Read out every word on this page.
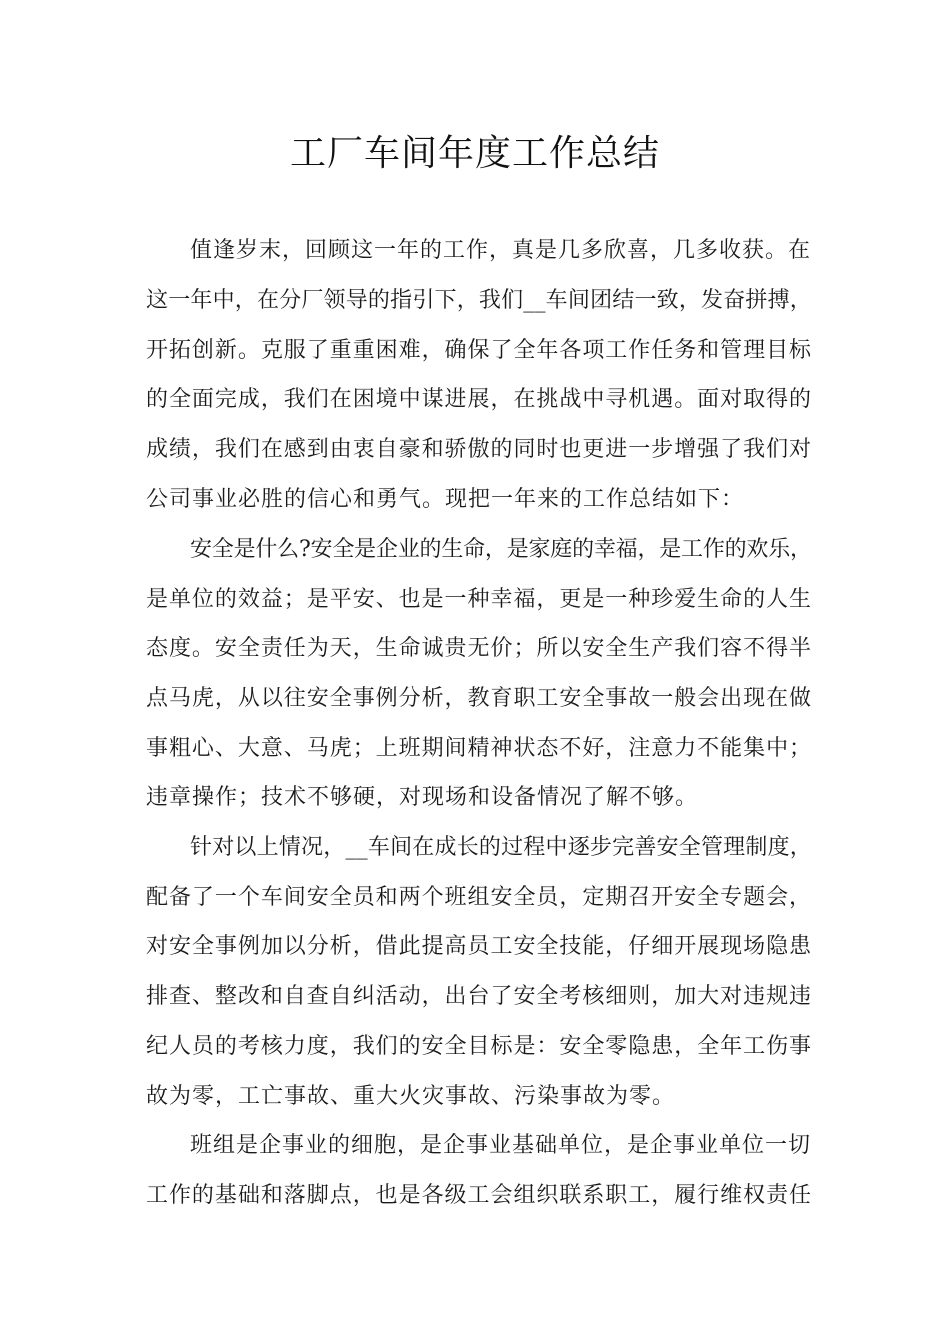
工厂车间年度工作总结
值逢岁末，回顾这一年的工作，真是几多欣喜，几多收获。在
这一年中，在分厂领导的指引下，我们__车间团结一致，发奋拼搏，
开拓创新。克服了重重困难，确保了全年各项工作任务和管理目标
的全面完成，我们在困境中谋进展，在挑战中寻机遇。面对取得的
成绩，我们在感到由衷自豪和骄傲的同时也更进一步增强了我们对
公司事业必胜的信心和勇气。现把一年来的工作总结如下：
安全是什么?安全是企业的生命，是家庭的幸福，是工作的欢乐，
是单位的效益；是平安、也是一种幸福，更是一种珍爱生命的人生
态度。安全责任为天，生命诚贵无价；所以安全生产我们容不得半
点马虎，从以往安全事例分析，教育职工安全事故一般会出现在做
事粗心、大意、马虎；上班期间精神状态不好，注意力不能集中；
违章操作；技术不够硬，对现场和设备情况了解不够。
针对以上情况，__车间在成长的过程中逐步完善安全管理制度，
配备了一个车间安全员和两个班组安全员，定期召开安全专题会，
对安全事例加以分析，借此提高员工安全技能，仔细开展现场隐患
排查、整改和自查自纠活动，出台了安全考核细则，加大对违规违
纪人员的考核力度，我们的安全目标是：安全零隐患，全年工伤事
故为零，工亡事故、重大火灾事故、污染事故为零。
班组是企事业的细胞，是企事业基础单位，是企事业单位一切
工作的基础和落脚点，也是各级工会组织联系职工，履行维权责任
